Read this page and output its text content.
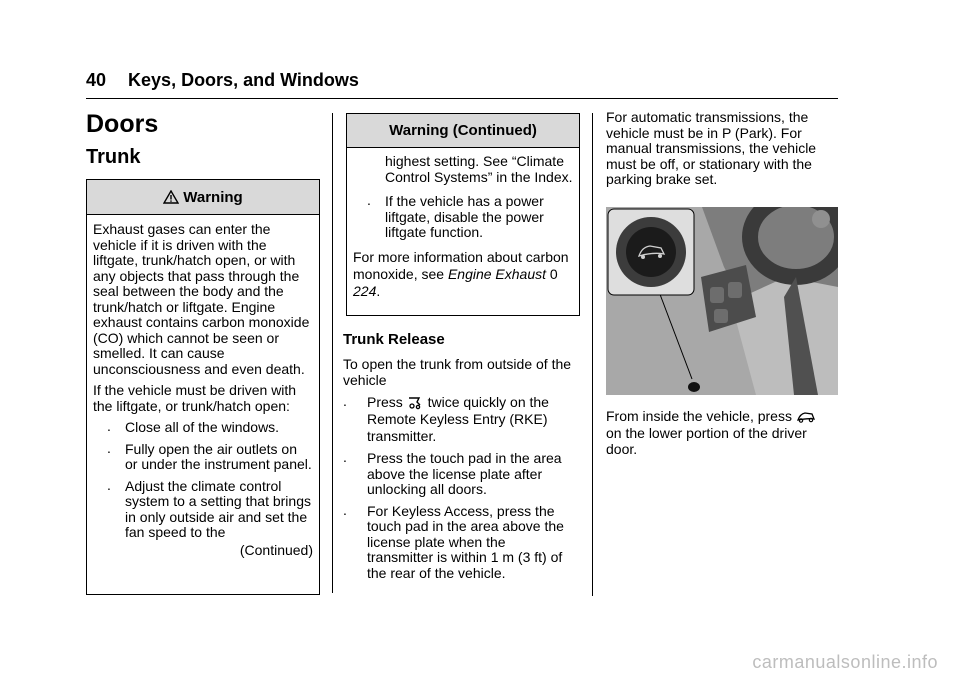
40 Keys, Doors, and Windows
Doors
Trunk
Warning
Exhaust gases can enter the vehicle if it is driven with the liftgate, trunk/hatch open, or with any objects that pass through the seal between the body and the trunk/hatch or liftgate. Engine exhaust contains carbon monoxide (CO) which cannot be seen or smelled. It can cause unconsciousness and even death.
If the vehicle must be driven with the liftgate, or trunk/hatch open:
. Close all of the windows.
. Fully open the air outlets on or under the instrument panel.
. Adjust the climate control system to a setting that brings in only outside air and set the fan speed to the
(Continued)
Warning (Continued)
highest setting. See “Climate Control Systems” in the Index.
. If the vehicle has a power liftgate, disable the power liftgate function.
For more information about carbon monoxide, see Engine Exhaust 0 224.
Trunk Release
To open the trunk from outside of the vehicle
. Press  twice quickly on the Remote Keyless Entry (RKE) transmitter.
. Press the touch pad in the area above the license plate after unlocking all doors.
. For Keyless Access, press the touch pad in the area above the license plate when the transmitter is within 1 m (3 ft) of the rear of the vehicle.
For automatic transmissions, the vehicle must be in P (Park). For manual transmissions, the vehicle must be off, or stationary with the parking brake set.
From inside the vehicle, press
on the lower portion of the driver door.
carmanualsonline.info
